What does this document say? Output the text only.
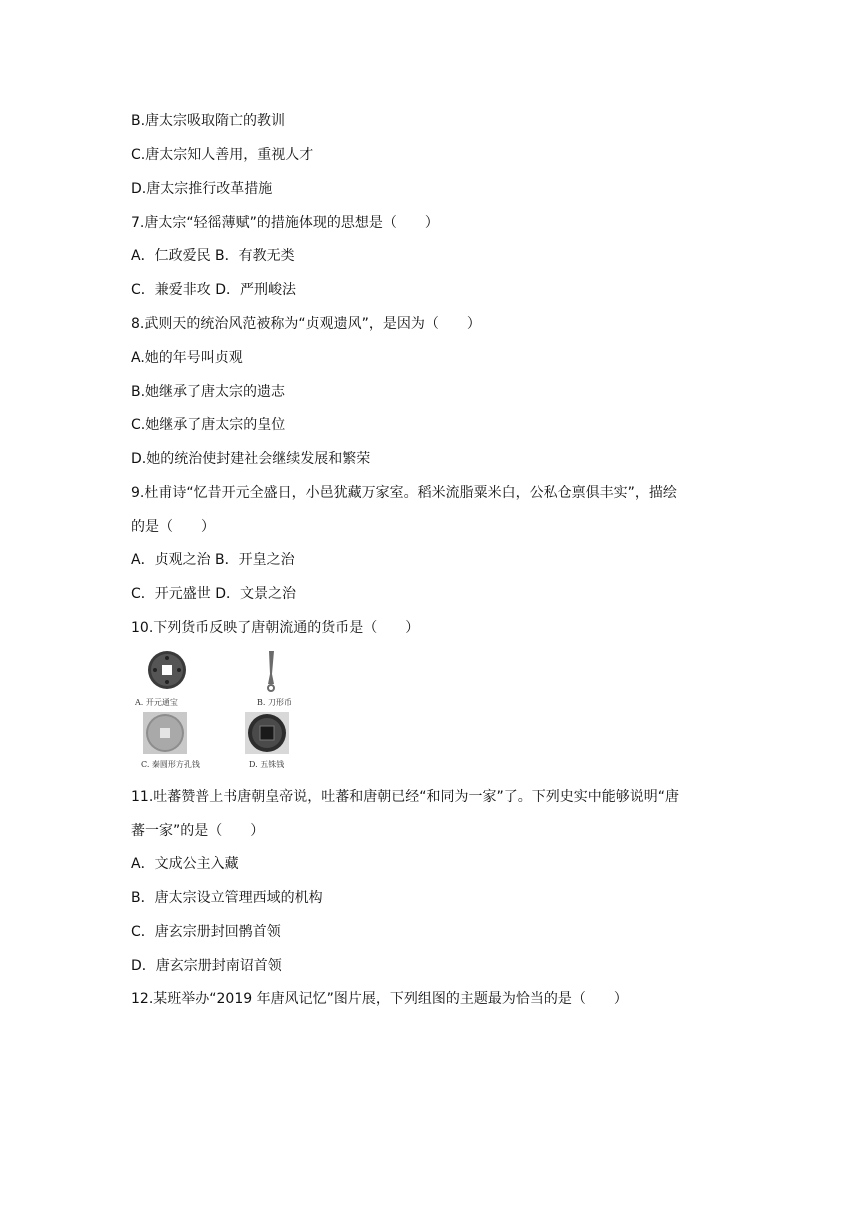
B.唐太宗吸取隋亡的教训
C.唐太宗知人善用，重视人才
D.唐太宗推行改革措施
7.唐太宗“轻徭薄赋”的措施体现的思想是（　　）
A．仁政爱民 B．有教无类
C．兼爱非攻 D．严刑峻法
8.武则天的统治风范被称为“贞观遗风”，是因为（　　）
A.她的年号叫贞观
B.她继承了唐太宗的遗志
C.她继承了唐太宗的皇位
D.她的统治使封建社会继续发展和繁荣
9.杜甫诗“忆昔开元全盛日，小邑犹藏万家室。稻米流脂粟米白，公私仓禀俱丰实”，描绘
的是（　　）
A．贞观之治 B．开皇之治
C．开元盛世 D．文景之治
10.下列货币反映了唐朝流通的货币是（　　）
A. 开元通宝	B. 刀形币
C. 秦圆形方孔钱	D. 五铢钱
11.吐蕃赞普上书唐朝皇帝说，吐蕃和唐朝已经“和同为一家”了。下列史实中能够说明“唐
蕃一家”的是（　　）
A．文成公主入藏
B．唐太宗设立管理西域的机构
C．唐玄宗册封回鹘首领
D．唐玄宗册封南诏首领
12.某班举办“2019 年唐风记忆”图片展，下列组图的主题最为恰当的是（　　）
